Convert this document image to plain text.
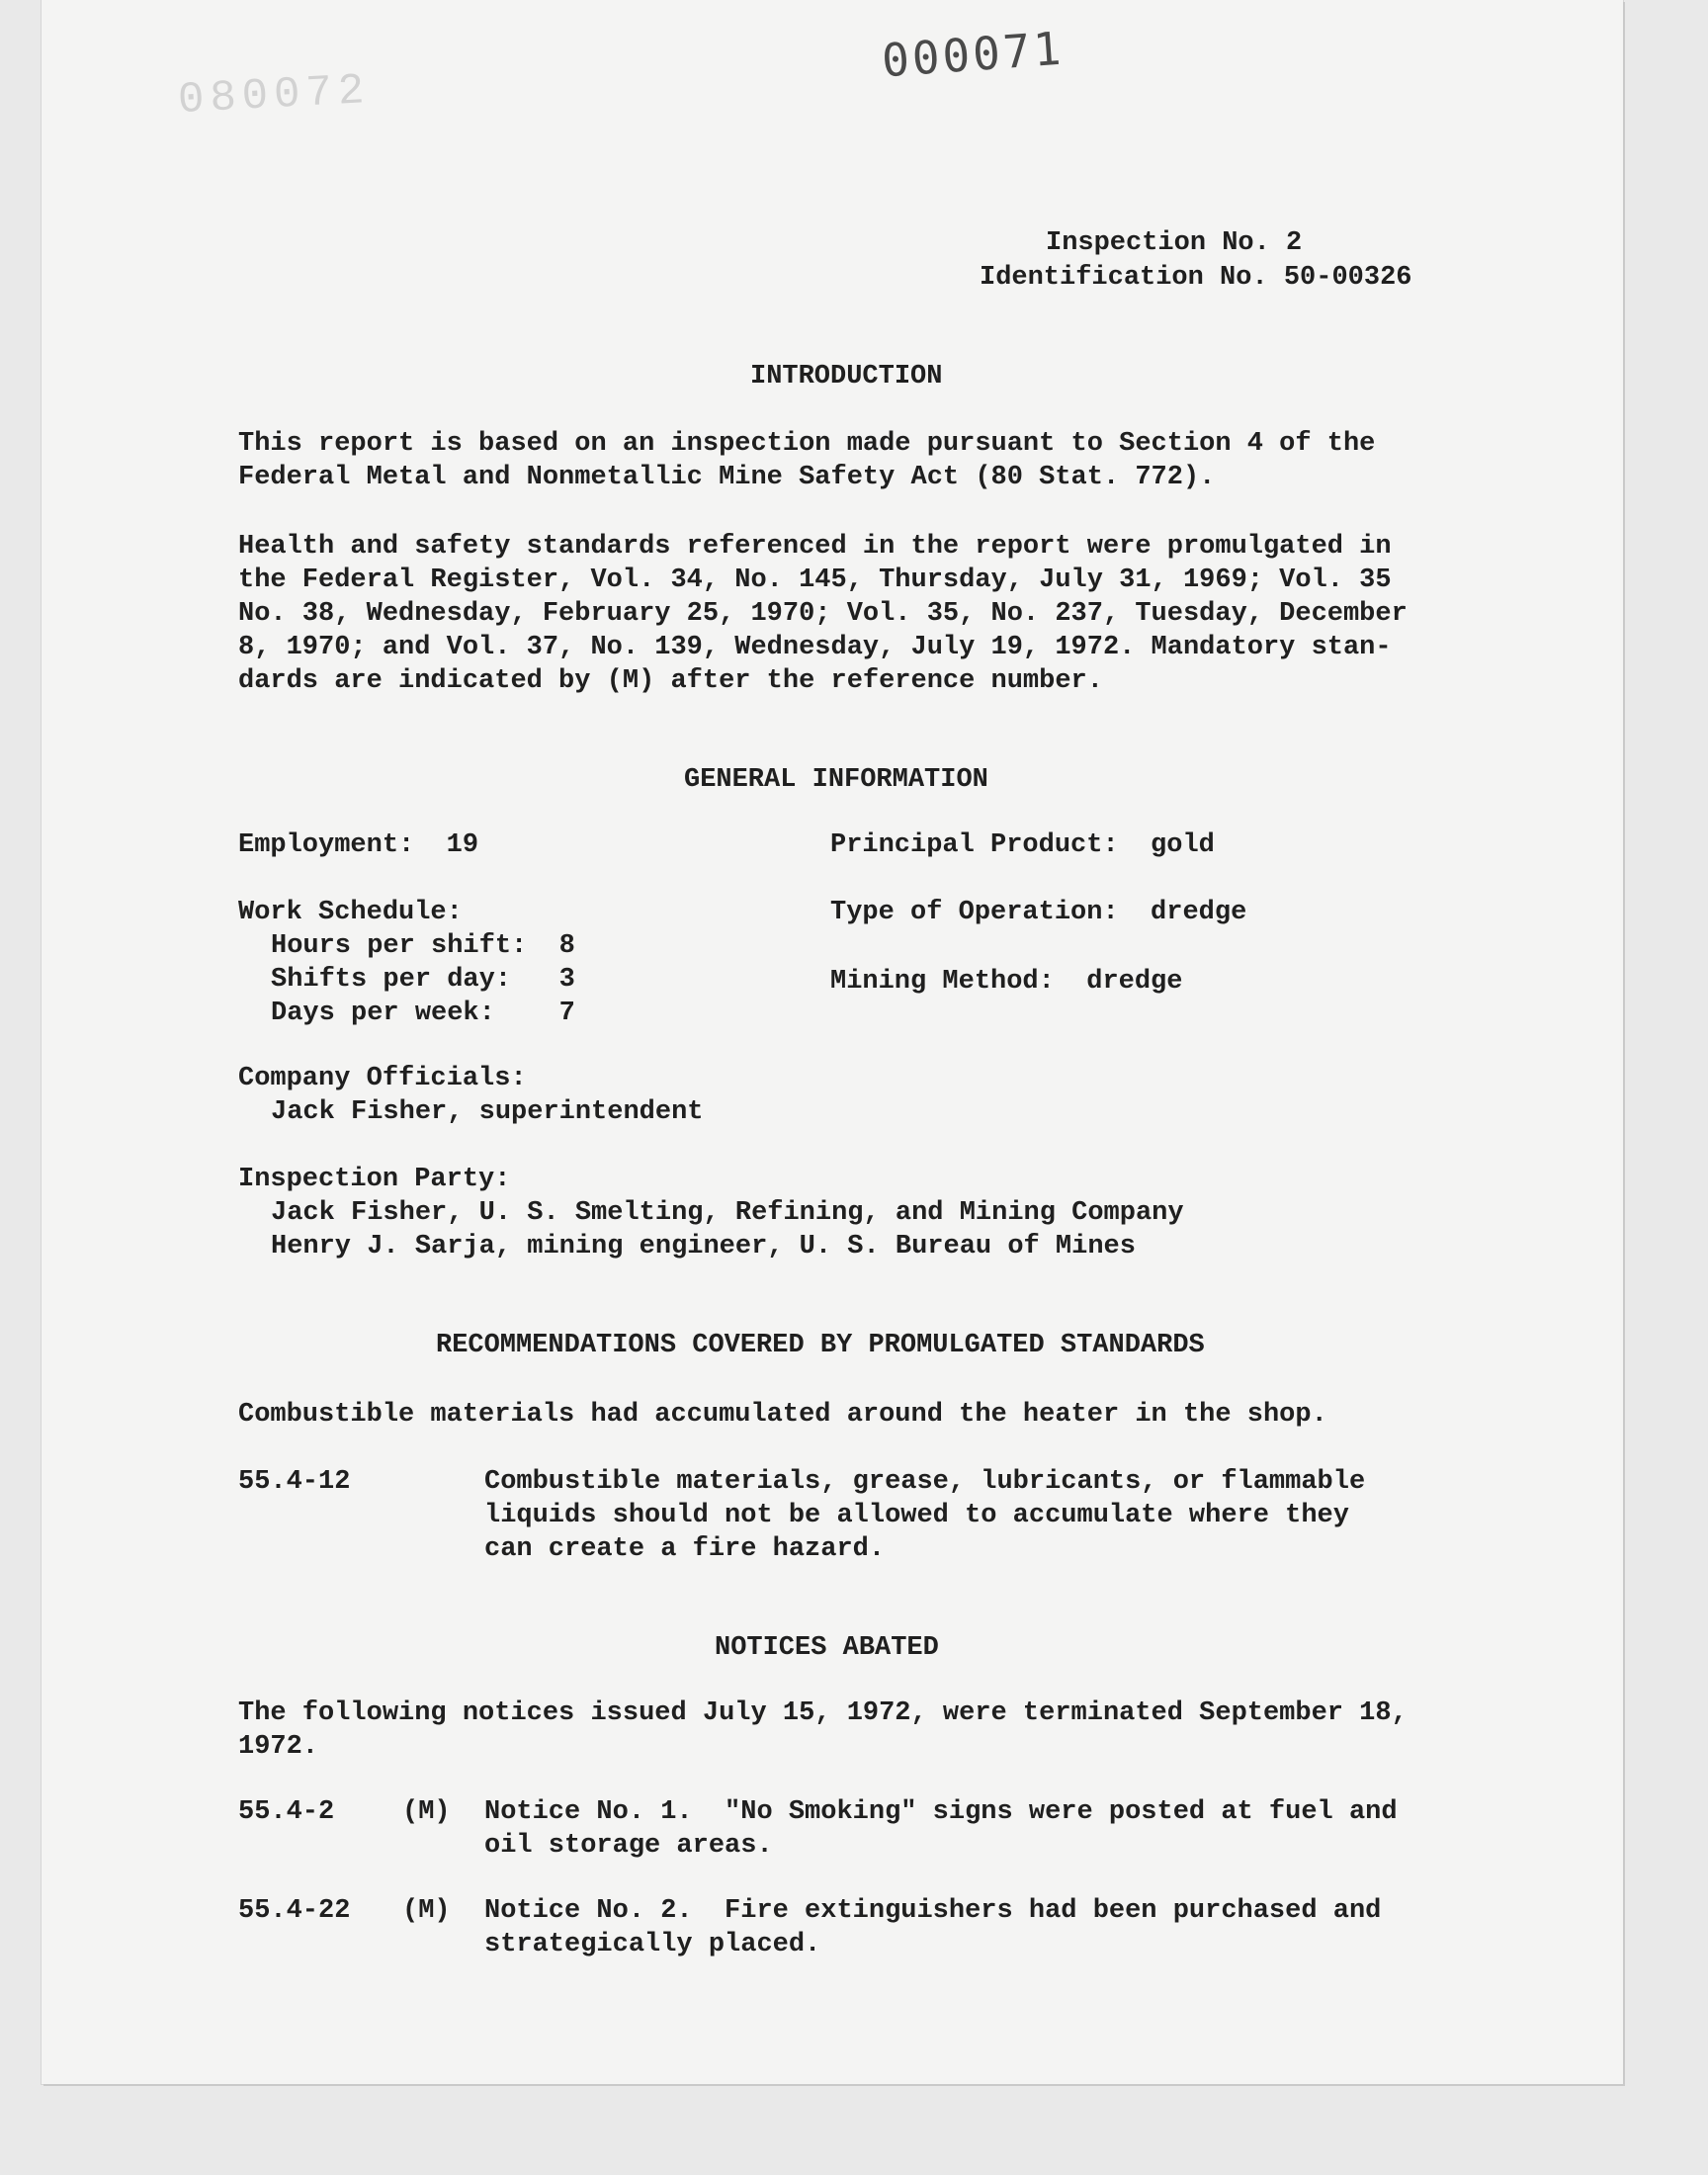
080072
000071
Inspection No. 2
Identification No. 50-00326
INTRODUCTION
This report is based on an inspection made pursuant to Section 4 of the
Federal Metal and Nonmetallic Mine Safety Act (80 Stat. 772).
Health and safety standards referenced in the report were promulgated in
the Federal Register, Vol. 34, No. 145, Thursday, July 31, 1969; Vol. 35
No. 38, Wednesday, February 25, 1970; Vol. 35, No. 237, Tuesday, December
8, 1970; and Vol. 37, No. 139, Wednesday, July 19, 1972. Mandatory stan-
dards are indicated by (M) after the reference number.
GENERAL INFORMATION
Employment:  19	Principal Product:  gold
Work Schedule:	Type of Operation:  dredge
Hours per shift:  8
Shifts per day:   3	Mining Method:  dredge
Days per week:    7
Company Officials:
Jack Fisher, superintendent
Inspection Party:
Jack Fisher, U. S. Smelting, Refining, and Mining Company
Henry J. Sarja, mining engineer, U. S. Bureau of Mines
RECOMMENDATIONS COVERED BY PROMULGATED STANDARDS
Combustible materials had accumulated around the heater in the shop.
55.4-12	Combustible materials, grease, lubricants, or flammable
liquids should not be allowed to accumulate where they
can create a fire hazard.
NOTICES ABATED
The following notices issued July 15, 1972, were terminated September 18,
1972.
55.4-2	(M) Notice No. 1.  "No Smoking" signs were posted at fuel and
oil storage areas.
55.4-22 (M) Notice No. 2.  Fire extinguishers had been purchased and
strategically placed.
